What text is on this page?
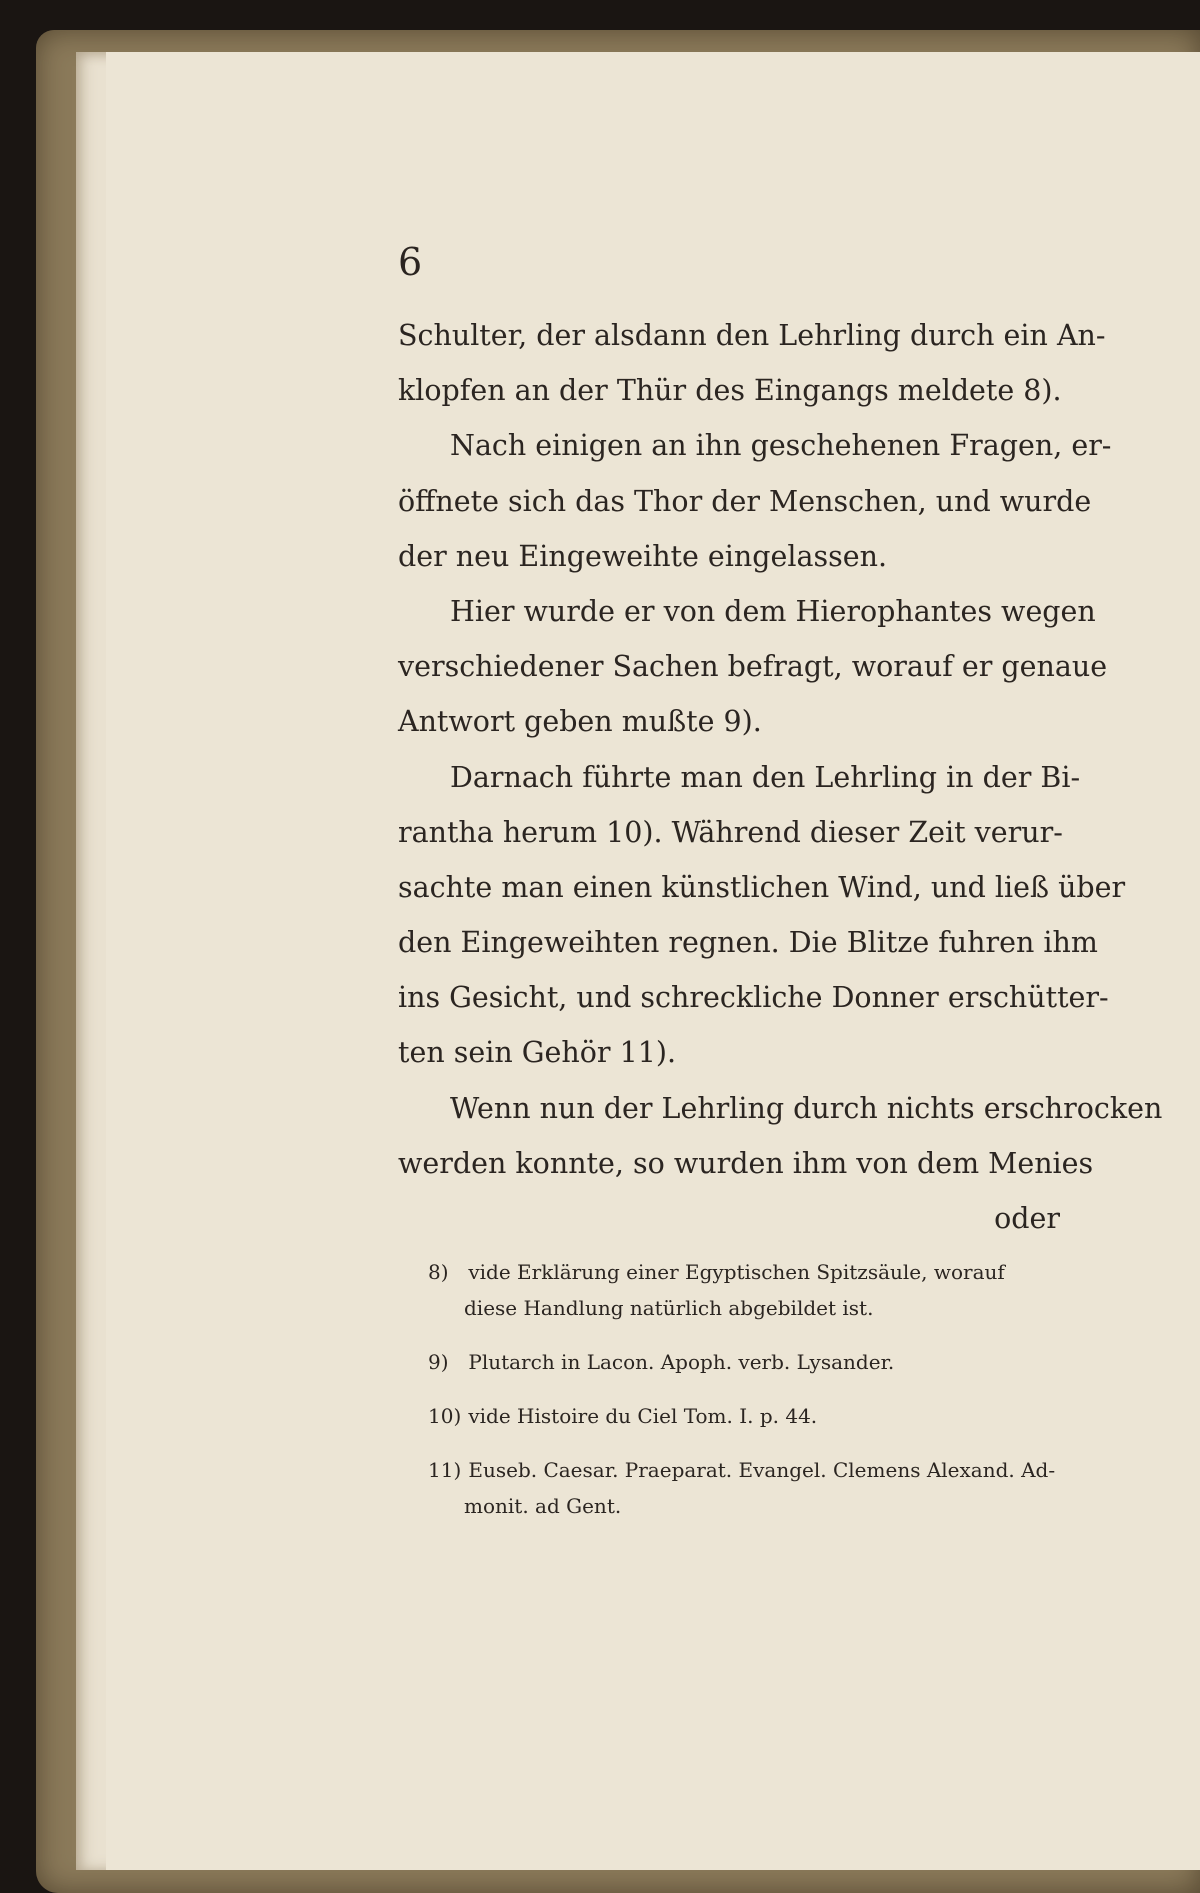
6
Schulter, der alsdann den Lehrling durch ein An-
klopfen an der Thür des Eingangs meldete 8).
Nach einigen an ihn geschehenen Fragen, er-
öffnete sich das Thor der Menschen, und wurde
der neu Eingeweihte eingelassen.
Hier wurde er von dem Hierophantes wegen
verschiedener Sachen befragt, worauf er genaue
Antwort geben mußte 9).
Darnach führte man den Lehrling in der Bi-
rantha herum 10). Während dieser Zeit verur-
sachte man einen künstlichen Wind, und ließ über
den Eingeweihten regnen. Die Blitze fuhren ihm
ins Gesicht, und schreckliche Donner erschütter-
ten sein Gehör 11).
Wenn nun der Lehrling durch nichts erschrocken
werden konnte, so wurden ihm von dem Menies
oder
8) vide Erklärung einer Egyptischen Spitzsäule, worauf
diese Handlung natürlich abgebildet ist.
9) Plutarch in Lacon. Apoph. verb. Lysander.
10) vide Histoire du Ciel Tom. I. p. 44.
11) Euseb. Caesar. Praeparat. Evangel. Clemens Alexand. Ad-
monit. ad Gent.
